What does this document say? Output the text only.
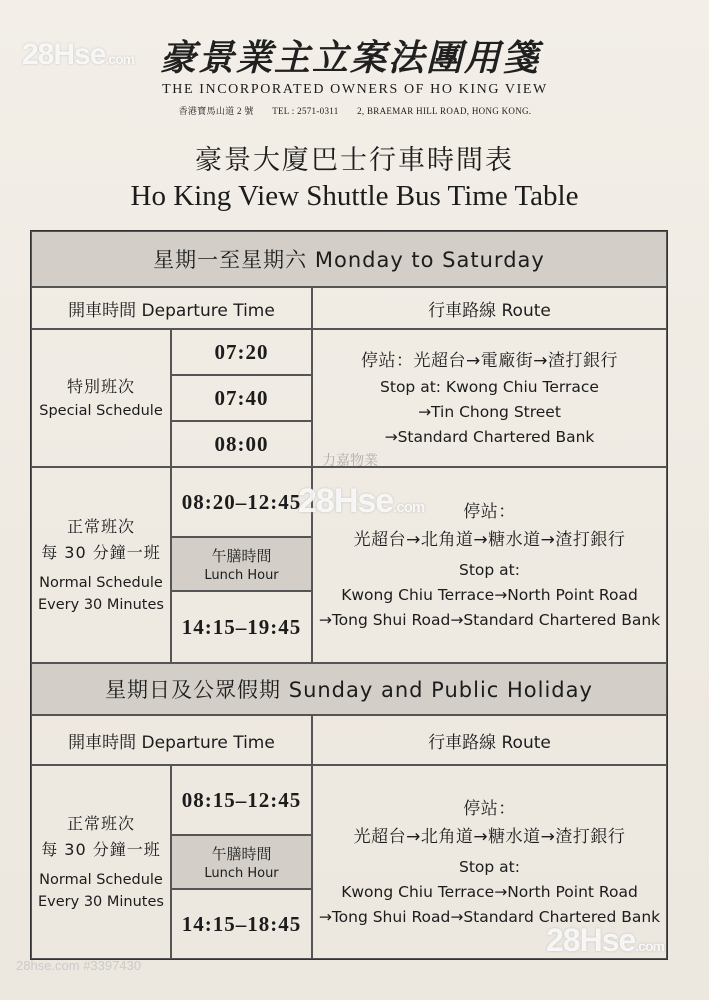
豪景業主立案法團用箋
THE INCORPORATED OWNERS OF HO KING VIEW
香港寶馬山道 2 號 TEL : 2571-0311 2, BRAEMAR HILL ROAD, HONG KONG.
豪景大廈巴士行車時間表
Ho King View Shuttle Bus Time Table
星期一至星期六 Monday to Saturday
開車時間 Departure Time	行車路線 Route
特別班次
Special Schedule
07:20
07:40
08:00
停站：光超台→電廠街→渣打銀行
Stop at: Kwong Chiu Terrace
→Tin Chong Street
→Standard Chartered Bank
正常班次
每 30 分鐘一班
Normal Schedule
Every 30 Minutes
08:20–12:45
午膳時間
Lunch Hour
14:15–19:45
停站：
光超台→北角道→糖水道→渣打銀行
Stop at:
Kwong Chiu Terrace→North Point Road
→Tong Shui Road→Standard Chartered Bank
星期日及公眾假期 Sunday and Public Holiday
開車時間 Departure Time	行車路線 Route
正常班次
每 30 分鐘一班
Normal Schedule
Every 30 Minutes
08:15–12:45
午膳時間
Lunch Hour
14:15–18:45
停站：
光超台→北角道→糖水道→渣打銀行
Stop at:
Kwong Chiu Terrace→North Point Road
→Tong Shui Road→Standard Chartered Bank
28Hse.com
力嘉物業
28Hse.com
28Hse.com
28hse.com #3397430
